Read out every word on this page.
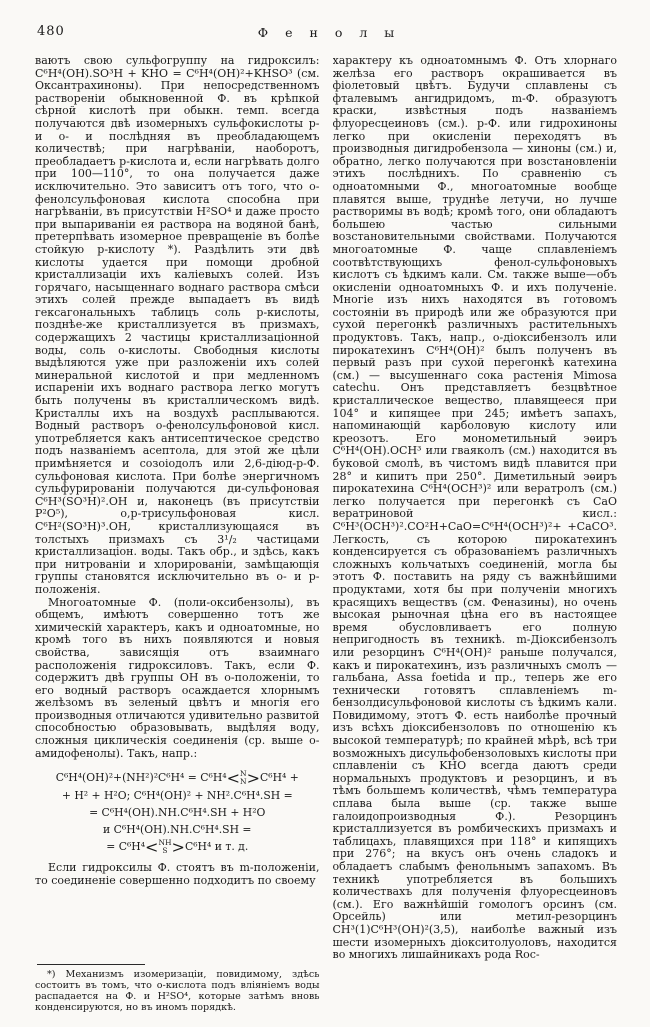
480	Фенолы

ваютъ свою сульфогруппу на гидроксилъ: C⁶H⁴(OH).SO³H + KHO = C⁶H⁴(OH)²+KHSO³ (см. Оксантрахиноны). При непосредственномъ раствореніи обыкновенной Ф. въ крѣпкой сѣрной кислотѣ при обыкн. темп. всегда получаются двѣ изомерныхъ сульфокислоты p- и o- и послѣдняя въ преобладающемъ количествѣ; при нагрѣваніи, наоборотъ, преобладаетъ p-кислота и, если нагрѣвать долго при 100—110°, то она получается даже исключительно. Это зависитъ отъ того, что o-фенолсульфоновая кислота способна при нагрѣваніи, въ присутствіи H²SO⁴ и даже просто при выпариваніи ея раствора на водяной банѣ, претерпѣвать изомерное превращеніе въ болѣе стойкую p-кислоту *). Раздѣлить эти двѣ кислоты удается при помощи дробной кристаллизаціи ихъ каліевыхъ солей. Изъ горячаго, насыщеннаго воднаго раствора смѣси этихъ солей прежде выпадаетъ въ видѣ гексагональныхъ таблицъ соль p-кислоты, позднѣе-же кристаллизуется въ призмахъ, содержащихъ 2 частицы кристаллизаціонной воды, соль o-кислоты. Свободныя кислоты выдѣляются уже при разложеніи ихъ солей минеральной кислотой и при медленномъ испареніи ихъ воднаго раствора легко могутъ быть получены въ кристаллическомъ видѣ. Кристаллы ихъ на воздухѣ расплываются. Водный растворъ o-фенолсульфоновой кисл. употребляется какъ антисептическое средство подъ названіемъ асептола, для этой же цѣли примѣняется и созоіодолъ или 2,6-діюд-p-Ф. сульфоновая кислота. При болѣе энергичномъ сульфурированіи получаются ди-сульфоновая C⁶H³(SO³H)².OH и, наконецъ (въ присутствіи P²O⁵), o,p-трисульфоновая кисл. C⁶H²(SO³H)³.OH, кристаллизующаяся въ толстыхъ призмахъ съ 3¹/₂ частицами кристаллизаціон. воды. Такъ обр., и здѣсь, какъ при нитрованіи и хлорированіи, замѣщающія группы становятся исключительно въ o- и p-положенія.

Многоатомные Ф. (поли-оксибензолы), въ общемъ, имѣютъ совершенно тотъ же химическій характеръ, какъ и одноатомные, но кромѣ того въ нихъ появляются и новыя свойства, зависящія отъ взаимнаго расположенія гидроксиловъ. Такъ, если Ф. содержитъ двѣ группы OH въ o-положеніи, то его водный растворъ осаждается хлорнымъ желѣзомъ въ зеленый цвѣтъ и многія его производныя отличаются удивительно развитой способностью образовывать, выдѣляя воду, сложныя циклическія соединенія (ср. выше o-амидофенолы). Такъ, напр.:

C⁶H⁴(OH)²+(NH²)²C⁶H⁴ = C⁶H⁴< N
N >C⁶H⁴ +
+ H² + H²O; C⁶H⁴(OH)² + NH².C⁶H⁴.SH =
= C⁶H⁴(OH).NH.C⁶H⁴.SH + H²O
и C⁶H⁴(OH).NH.C⁶H⁴.SH =
= C⁶H⁴< NH
S >C⁶H⁴ и т. д.

Если гидроксилы Ф. стоятъ въ m-положеніи, то соединеніе совершенно подходитъ по своему

*) Механизмъ изомеризаціи, повидимому, здѣсь состоитъ въ томъ, что o-кислота подъ вліяніемъ воды распадается на Ф. и H²SO⁴, которые затѣмъ вновь конденсируются, но въ иномъ порядкѣ.

характеру къ одноатомнымъ Ф. Отъ хлорнаго желѣза его растворъ окрашивается въ фіолетовый цвѣтъ. Будучи сплавлены съ фталевымъ ангидридомъ, m-Ф. образуютъ краски, извѣстныя подъ названіемъ флуоресцеиновъ (см.). p-Ф. или гидрохиноны легко при окисленіи переходятъ въ производныя дигидробензола — хиноны (см.) и, обратно, легко получаются при возстановленіи этихъ послѣднихъ. По сравненію съ одноатомными Ф., многоатомные вообще плавятся выше, труднѣе летучи, но лучше растворимы въ водѣ; кромѣ того, они обладаютъ большею частью сильными возстановительными свойствами. Получаются многоатомные Ф. чаще сплавленіемъ соотвѣтствующихъ фенол-сульфоновыхъ кислотъ съ ѣдкимъ кали. См. также выше—объ окисленіи одноатомныхъ Ф. и ихъ полученіе. Многіе изъ нихъ находятся въ готовомъ состояніи въ природѣ или же образуются при сухой перегонкѣ различныхъ растительныхъ продуктовъ. Такъ, напр., o-діоксибензолъ или пирокатехинъ C⁶H⁴(OH)² былъ полученъ въ первый разъ при сухой перегонкѣ катехина (см.) — высушеннаго сока растенія Mimosa catechu. Онъ представляетъ безцвѣтное кристаллическое вещество, плавящееся при 104° и кипящее при 245; имѣетъ запахъ, напоминающій карболовую кислоту или креозотъ. Его монометильный эѳиръ C⁶H⁴(OH).OCH³ или гваяколъ (см.) находится въ буковой смолѣ, въ чистомъ видѣ плавится при 28° и кипитъ при 250°. Диметильный эѳиръ пирокатехина C⁶H⁴(OCH³)² или вератролъ (см.) легко получается при перегонкѣ съ CaO вератриновой кисл.: C⁶H³(OCH³)².CO²H+CaO=C⁶H⁴(OCH³)²+ +CaCO³. Легкость, съ которою пирокатехинъ конденсируется съ образованіемъ различныхъ сложныхъ кольчатыхъ соединеній, могла бы этотъ Ф. поставить на ряду съ важнѣйшими продуктами, хотя бы при полученіи многихъ красящихъ веществъ (см. Феназины), но очень высокая рыночная цѣна его въ настоящее время обусловливаетъ его полную непригодность въ техникѣ. m-Діоксибензолъ или резорцинъ C⁶H⁴(OH)² раньше получался, какъ и пирокатехинъ, изъ различныхъ смолъ — гальбана, Assa foetida и пр., теперь же его технически готовятъ сплавленіемъ m-бензолдисульфоновой кислоты съ ѣдкимъ кали. Повидимому, этотъ Ф. есть наиболѣе прочный изъ всѣхъ діоксибензоловъ по отношенію къ высокой температурѣ; по крайней мѣрѣ, всѣ три возможныхъ дисульфобензоловыхъ кислоты при сплавленіи съ KHO всегда даютъ среди нормальныхъ продуктовъ и резорцинъ, и въ тѣмъ большемъ количествѣ, чѣмъ температура сплава была выше (ср. также выше галоидопроизводныя Ф.). Резорцинъ кристаллизуется въ ромбическихъ призмахъ и таблицахъ, плавящихся при 118° и кипящихъ при 276°; на вкусъ онъ очень сладокъ и обладаетъ слабымъ фенольнымъ запахомъ. Въ техникѣ употребляется въ большихъ количествахъ для полученія флуоресцеиновъ (см.). Его важнѣйшій гомологъ орсинъ (см. Орсейль) или метил-резорцинъ CH³(1)C⁶H³(OH)²(3,5), наиболѣе важный изъ шести изомерныхъ діокситолуоловъ, находится во многихъ лишайникахъ рода Roc-
